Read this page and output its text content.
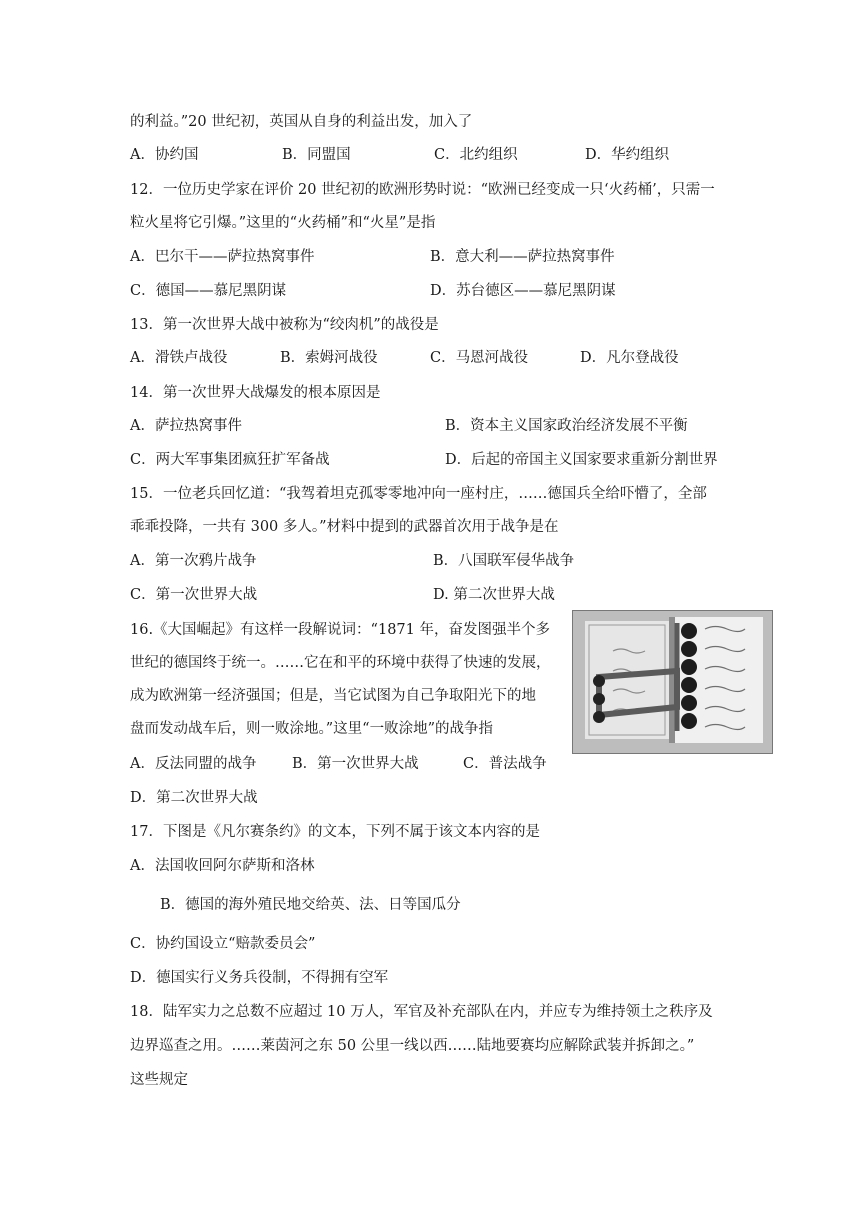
的利益。”20 世纪初，英国从自身的利益出发，加入了
A．协约国	B．同盟国	C．北约组织	D．华约组织
12．一位历史学家在评价 20 世纪初的欧洲形势时说：“欧洲已经变成一只‘火药桶’，只需一
粒火星将它引爆。”这里的“火药桶”和“火星”是指
A．巴尔干——萨拉热窝事件	B．意大利——萨拉热窝事件
C．德国——慕尼黑阴谋	D．苏台德区——慕尼黑阴谋
13．第一次世界大战中被称为“绞肉机”的战役是
A．滑铁卢战役	B．索姆河战役	C．马恩河战役	D．凡尔登战役
14．第一次世界大战爆发的根本原因是
A．萨拉热窝事件	B．资本主义国家政治经济发展不平衡
C．两大军事集团疯狂扩军备战	D．后起的帝国主义国家要求重新分割世界
15．一位老兵回忆道：“我驾着坦克孤零零地冲向一座村庄，……德国兵全给吓懵了，全部
乖乖投降，一共有 300 多人。”材料中提到的武器首次用于战争是在
A．第一次鸦片战争	B．八国联军侵华战争
C．第一次世界大战	D. 第二次世界大战
16.《大国崛起》有这样一段解说词：“1871 年，奋发图强半个多
世纪的德国终于统一。……它在和平的环境中获得了快速的发展，
成为欧洲第一经济强国；但是，当它试图为自己争取阳光下的地
盘而发动战车后，则一败涂地。”这里“一败涂地”的战争指
A．反法同盟的战争 B．第一次世界大战	C．普法战争
D．第二次世界大战
17．下图是《凡尔赛条约》的文本，下列不属于该文本内容的是
A．法国收回阿尔萨斯和洛林
B．德国的海外殖民地交给英、法、日等国瓜分
C．协约国设立“赔款委员会”
D．德国实行义务兵役制，不得拥有空军
18．陆军实力之总数不应超过 10 万人，军官及补充部队在内，并应专为维持领土之秩序及
边界巡查之用。……莱茵河之东 50 公里一线以西……陆地要赛均应解除武装并拆卸之。”
这些规定
